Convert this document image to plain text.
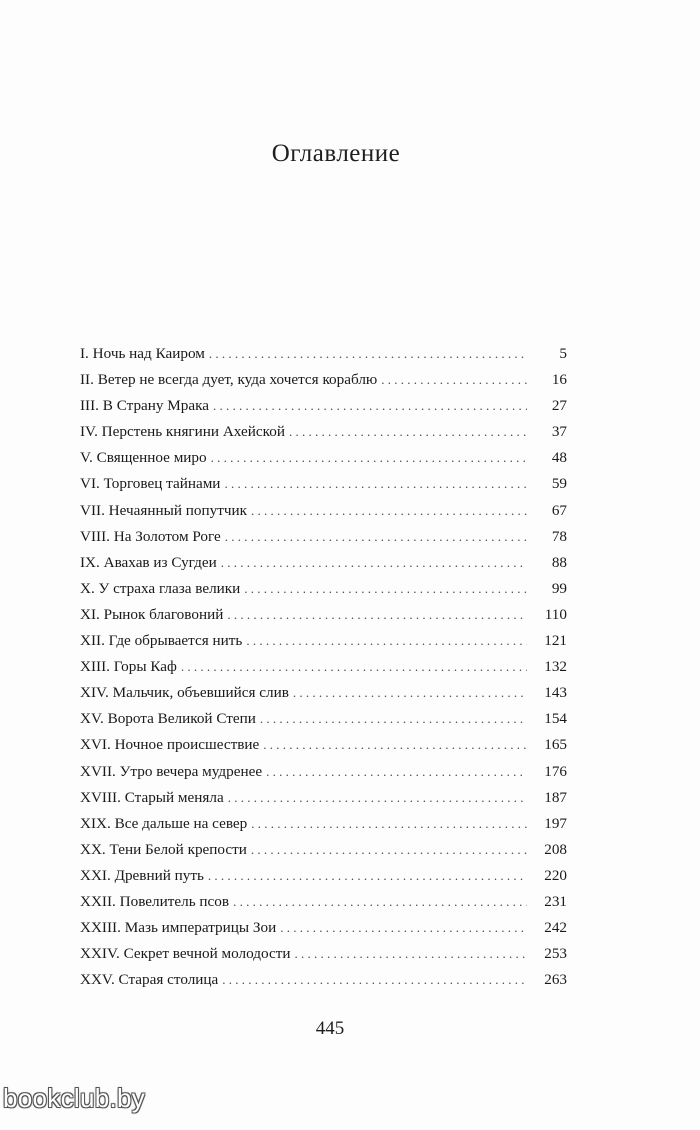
Оглавление
I. Ночь над Каиром . . .	5
II. Ветер не всегда дует, куда хочется кораблю . . .	16
III. В Страну Мрака . . .	27
IV. Перстень княгини Ахейской . . .	37
V. Священное миро . . .	48
VI. Торговец тайнами . . .	59
VII. Нечаянный попутчик . . .	67
VIII. На Золотом Роге . . .	78
IX. Авахав из Сугдеи . . .	88
X. У страха глаза велики . . .	99
XI. Рынок благовоний . . .	110
XII. Где обрывается нить . . .	121
XIII. Горы Каф . . .	132
XIV. Мальчик, объевшийся слив . . .	143
XV. Ворота Великой Степи . . .	154
XVI. Ночное происшествие . . .	165
XVII. Утро вечера мудренее . . .	176
XVIII. Старый меняла . . .	187
XIX. Все дальше на север . . .	197
XX. Тени Белой крепости . . .	208
XXI. Древний путь . . .	220
XXII. Повелитель псов . . .	231
XXIII. Мазь императрицы Зои . . .	242
XXIV. Секрет вечной молодости . . .	253
XXV. Старая столица . . .	263
445
bookclub.by
